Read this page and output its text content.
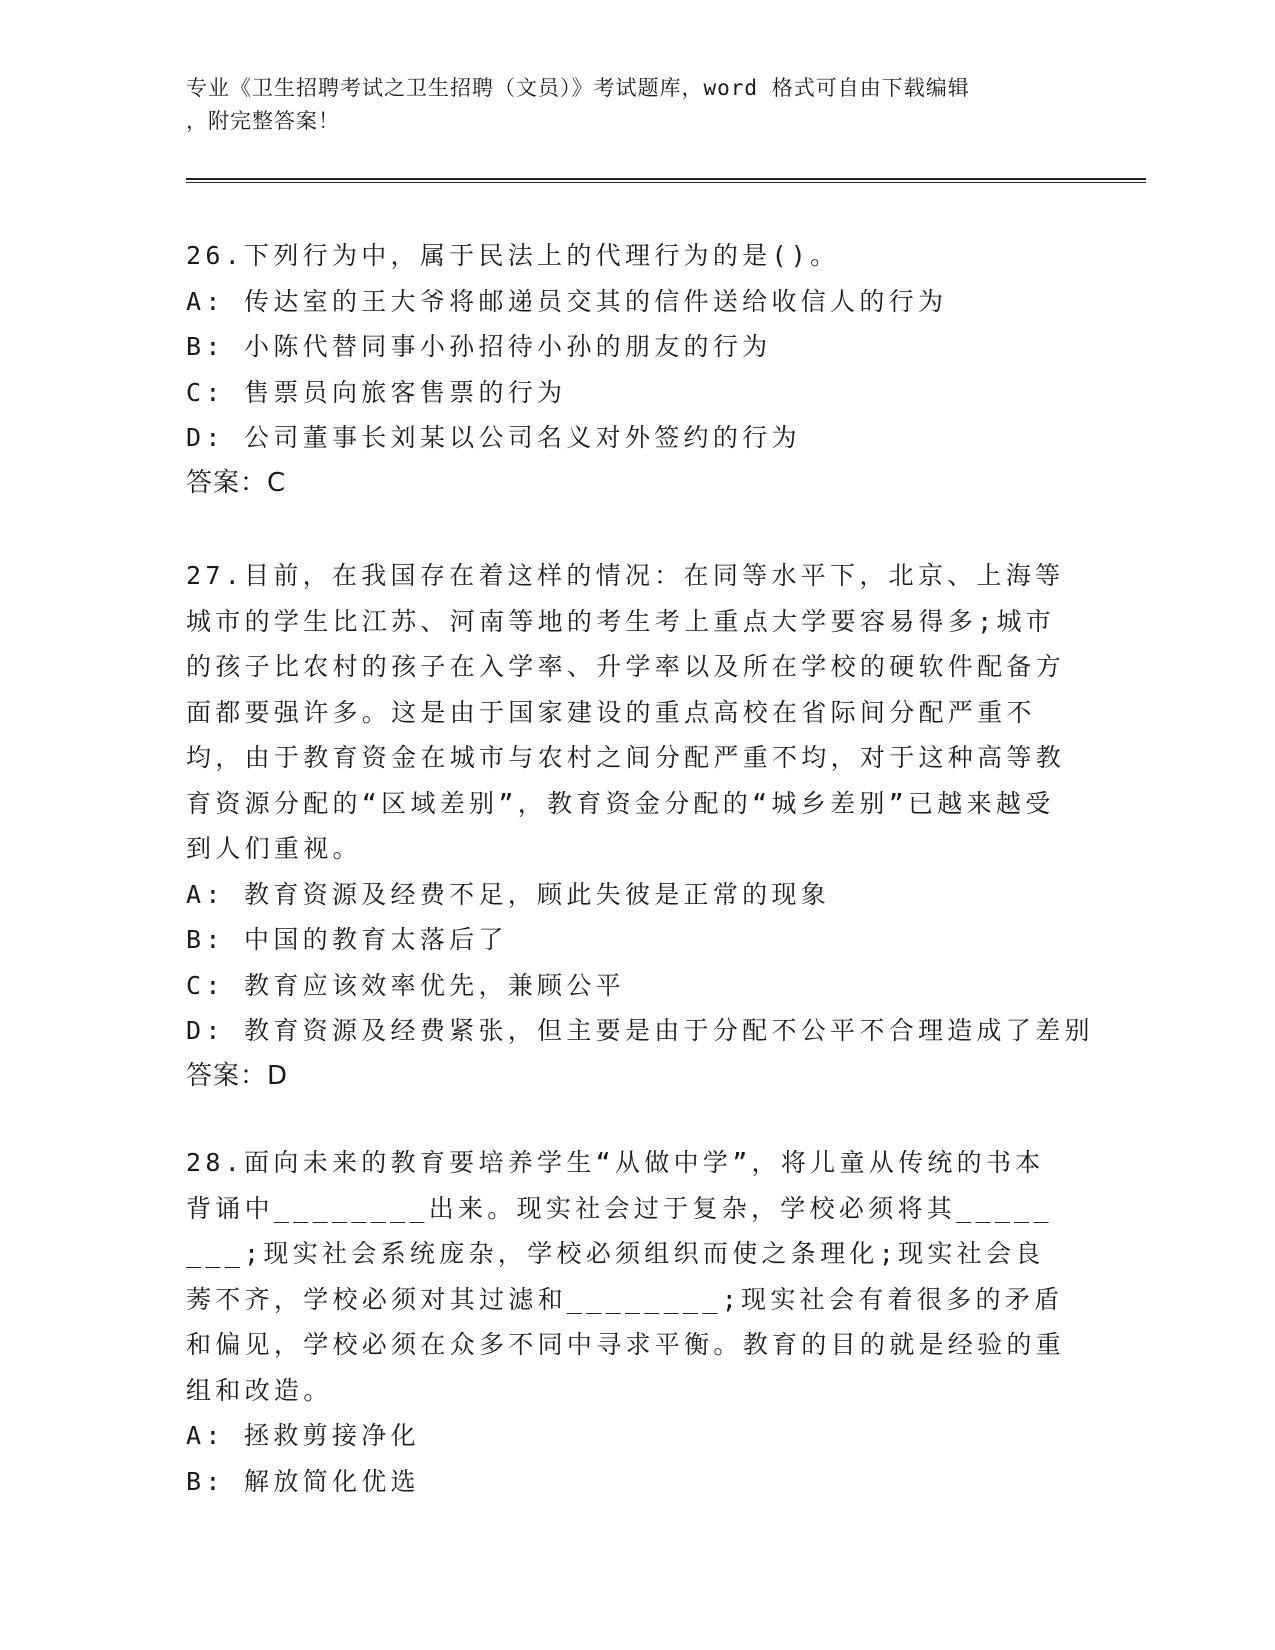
专业《卫生招聘考试之卫生招聘（文员）》考试题库，word 格式可自由下载编辑
，附完整答案！

26.下列行为中，属于民法上的代理行为的是()。

A: 传达室的王大爷将邮递员交其的信件送给收信人的行为

B: 小陈代替同事小孙招待小孙的朋友的行为

C: 售票员向旅客售票的行为

D: 公司董事长刘某以公司名义对外签约的行为

答案：C

27.目前，在我国存在着这样的情况：在同等水平下，北京、上海等城市的学生比江苏、河南等地的考生考上重点大学要容易得多;城市的孩子比农村的孩子在入学率、升学率以及所在学校的硬软件配备方面都要强许多。这是由于国家建设的重点高校在省际间分配严重不均，由于教育资金在城市与农村之间分配严重不均，对于这种高等教育资源分配的“区域差别”，教育资金分配的“城乡差别”已越来越受到人们重视。

A: 教育资源及经费不足，顾此失彼是正常的现象

B: 中国的教育太落后了

C: 教育应该效率优先，兼顾公平

D: 教育资源及经费紧张，但主要是由于分配不公平不合理造成了差别

答案：D

28.面向未来的教育要培养学生“从做中学”，将儿童从传统的书本背诵中________出来。现实社会过于复杂，学校必须将其________;现实社会系统庞杂，学校必须组织而使之条理化;现实社会良莠不齐，学校必须对其过滤和________;现实社会有着很多的矛盾和偏见，学校必须在众多不同中寻求平衡。教育的目的就是经验的重组和改造。

A: 拯救剪接净化

B: 解放简化优选
